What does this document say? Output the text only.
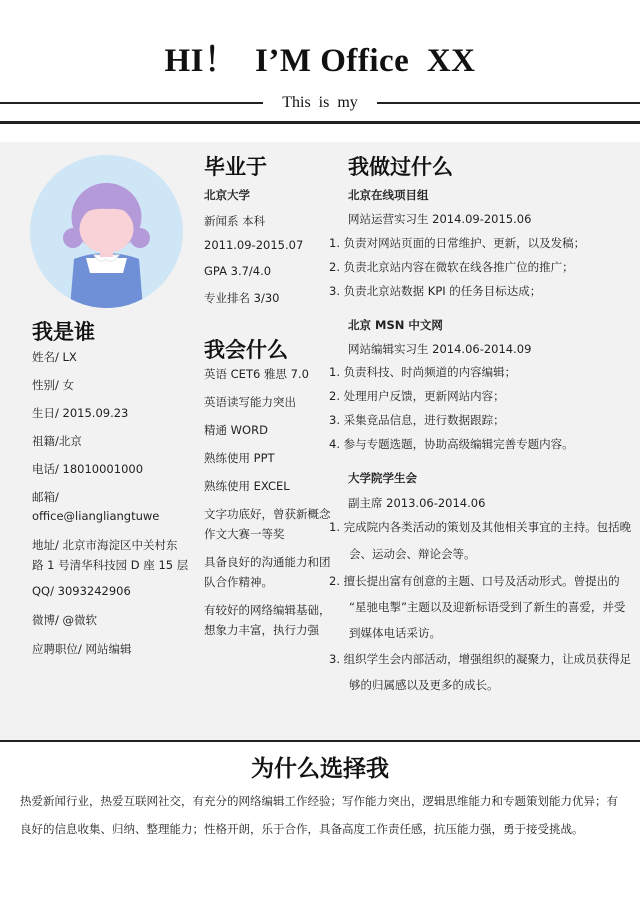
HI！  I’M Office  XX
This is my
我是谁
姓名/ LX
性别/ 女
生日/ 2015.09.23
祖籍/北京
电话/ 18010001000
邮箱/
office@liangliangtuwe
地址/ 北京市海淀区中关村东
路 1 号清华科技园 D 座 15 层
QQ/ 3093242906
微博/ @微软
应聘职位/ 网站编辑
毕业于
北京大学
新闻系 本科
2011.09-2015.07
GPA 3.7/4.0
专业排名 3/30
我会什么
英语 CET6 雅思 7.0
英语读写能力突出
精通 WORD
熟练使用 PPT
熟练使用 EXCEL
文字功底好，曾获新概念
作文大赛一等奖
具备良好的沟通能力和团
队合作精神。
有较好的网络编辑基础，
想象力丰富，执行力强
我做过什么
北京在线项目组
网站运营实习生 2014.09-2015.06
1. 负责对网站页面的日常维护、更新，以及发稿；
2. 负责北京站内容在微软在线各推广位的推广；
3. 负责北京站数据 KPI 的任务目标达成；
北京 MSN 中文网
网站编辑实习生 2014.06-2014.09
1. 负责科技、时尚频道的内容编辑；
2. 处理用户反馈，更新网站内容；
3. 采集竞品信息，进行数据跟踪；
4. 参与专题选题，协助高级编辑完善专题内容。
大学院学生会
副主席 2013.06-2014.06
1. 完成院内各类活动的策划及其他相关事宜的主持。包括晚
会、运动会、辩论会等。
2. 擅长提出富有创意的主题、口号及活动形式。曾提出的
“星驰电掣”主题以及迎新标语受到了新生的喜爱，并受
到媒体电话采访。
3. 组织学生会内部活动，增强组织的凝聚力，让成员获得足
够的归属感以及更多的成长。
为什么选择我
热爱新闻行业，热爱互联网社交，有充分的网络编辑工作经验；写作能力突出，逻辑思维能力和专题策划能力优异；有良好的信息收集、归纳、整理能力；性格开朗，乐于合作，具备高度工作责任感，抗压能力强，勇于接受挑战。
